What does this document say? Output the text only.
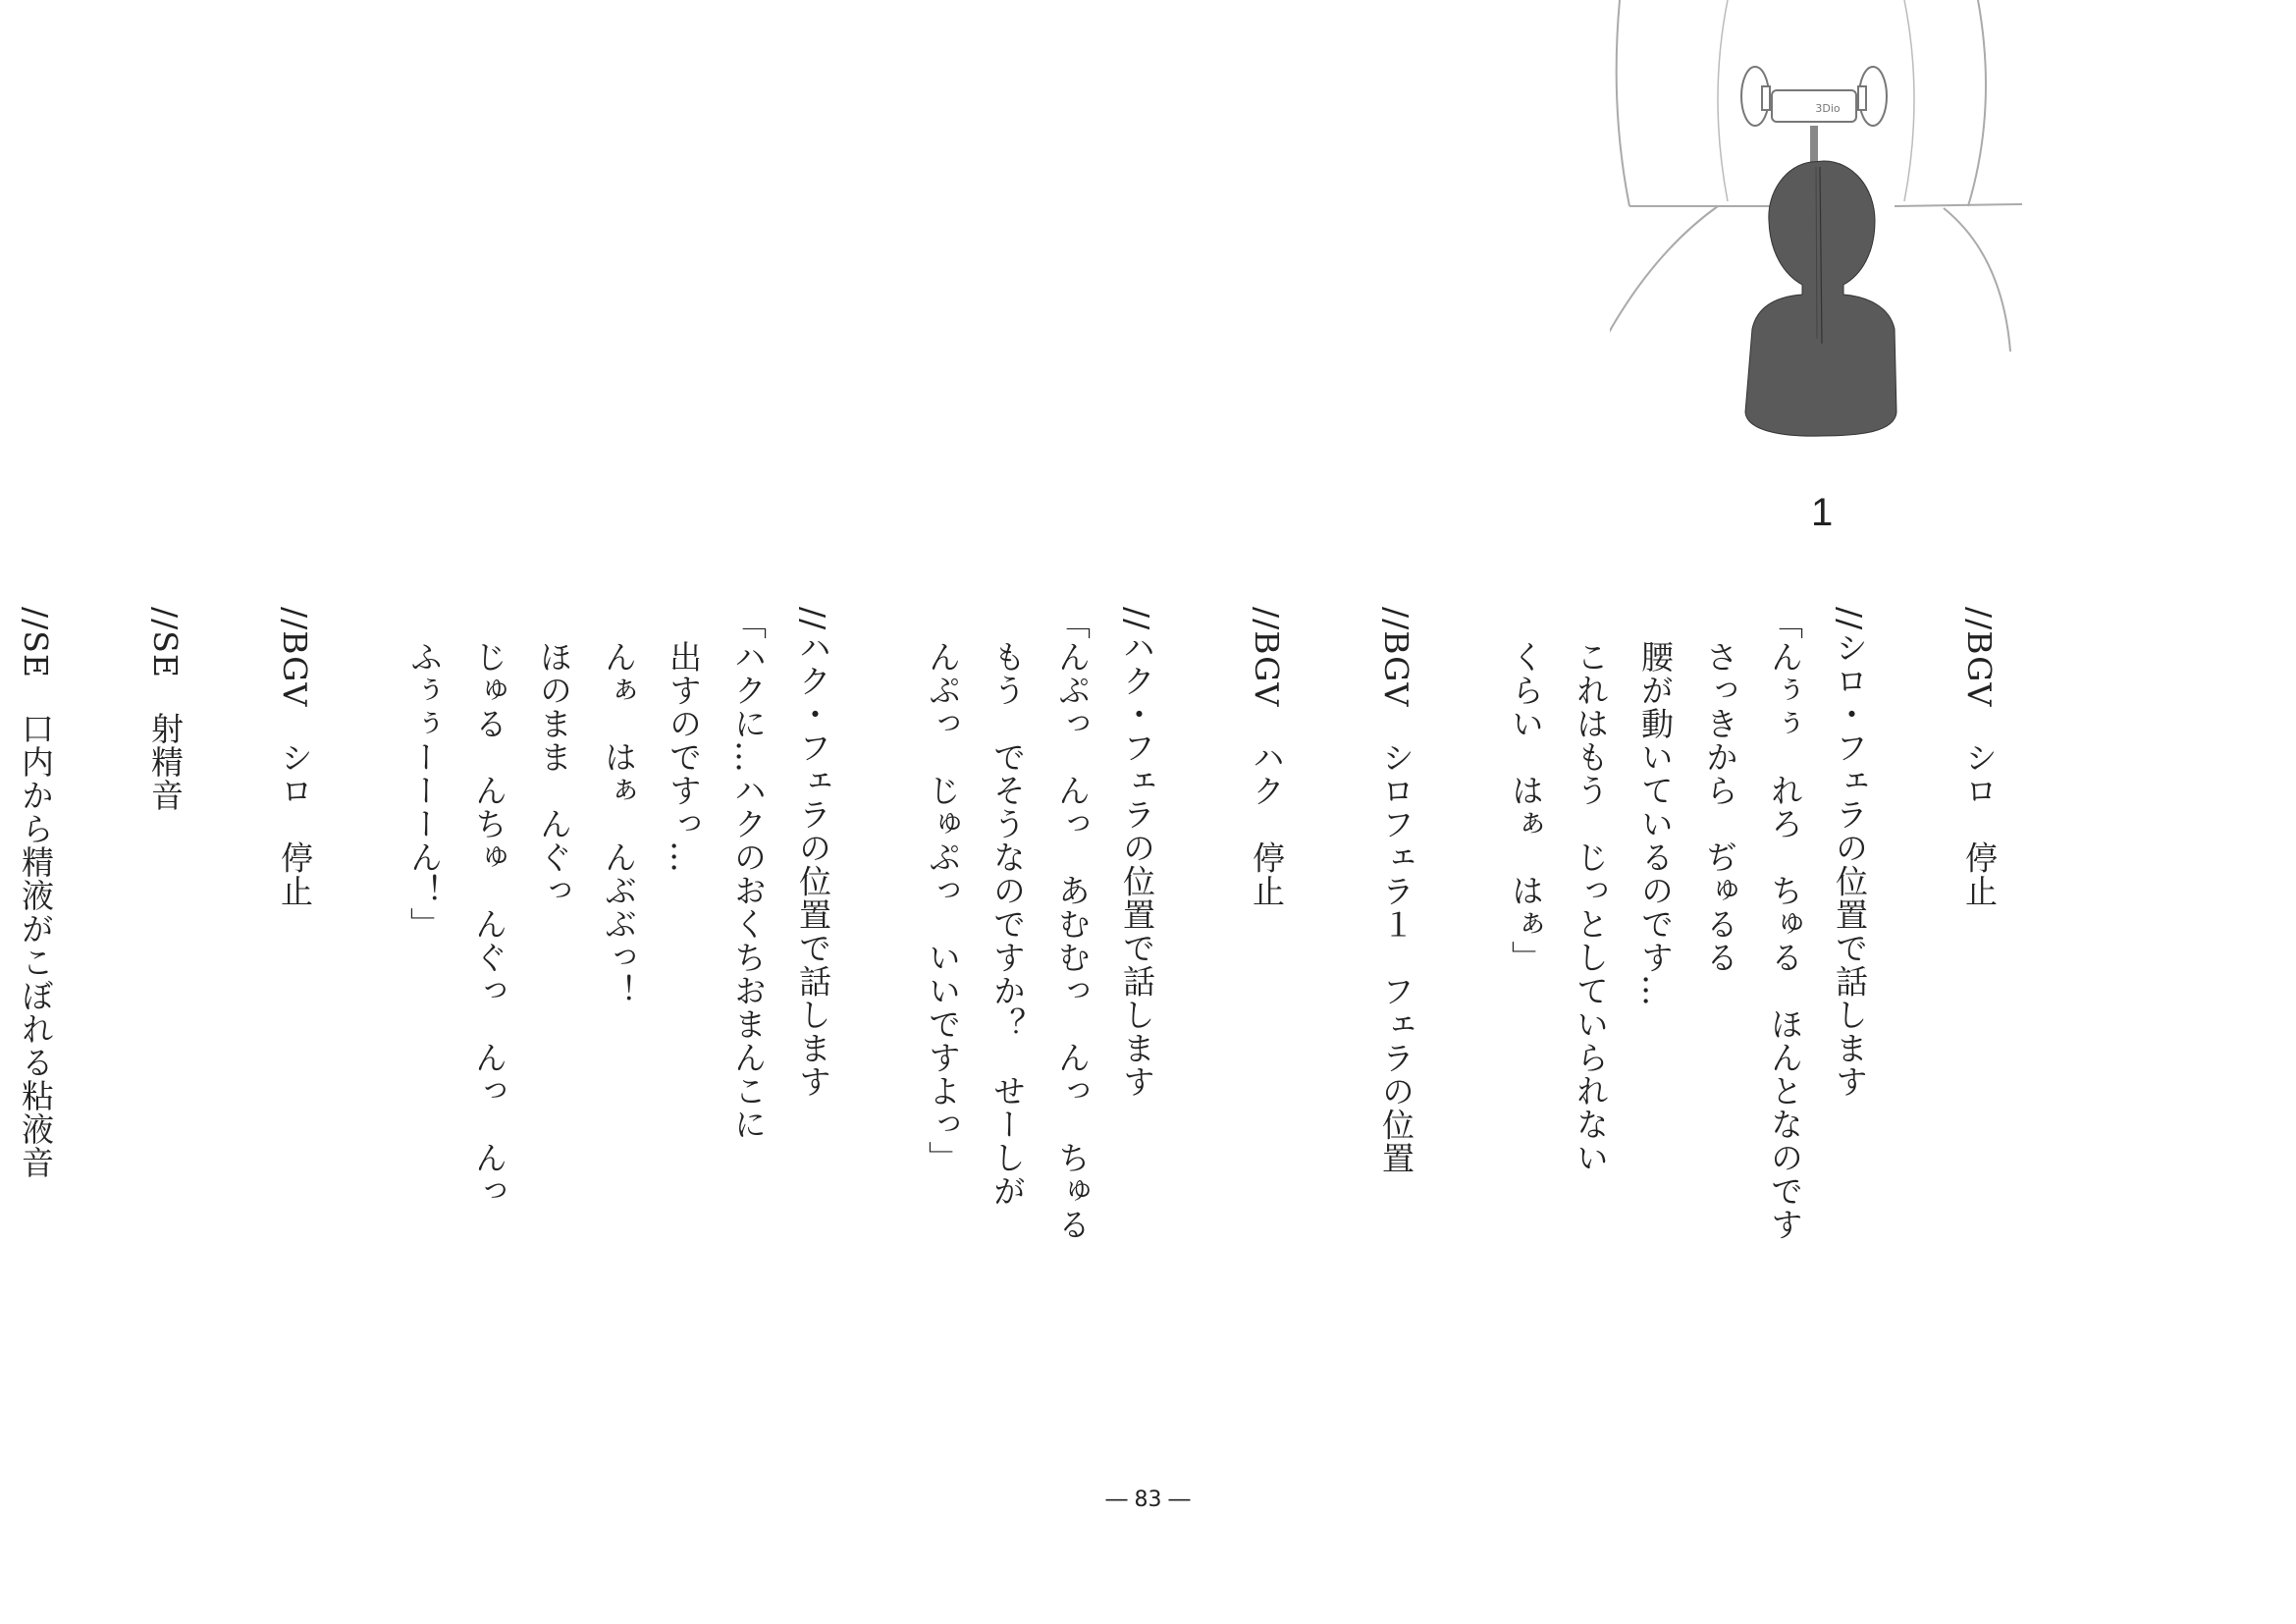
3Dio
1
//BGV　シロ　停止

//シロ・フェラの位置で話します
「んぅぅ　れろ　ちゅる　ほんとなのです
　さっきから　ぢゅるる
　腰が動いているのです…
　これはもう　じっとしていられない
　くらい　はぁ　はぁ」

//BGV　シロフェラ１　フェラの位置

//BGV　ハク　停止

//ハク・フェラの位置で話します
「んぷっ　んっ　あむむっ　んっ　ちゅる
　もう　でそうなのですか？　せーしが
　んぷっ　じゅぷっ　いいですよっ」

//ハク・フェラの位置で話します
「ハクに…ハクのおくちおまんこに
　出すのですっ…
　んぁ　はぁ　んぶぶっ！
　ほのまま　んぐっ
　じゅる　んちゅ　んぐっ　んっ　んっ
　ふぅぅーーーん！」

//BGV　シロ　停止

//SE　射精音

//SE　口内から精液がこぼれる粘液音

― 83 ―
